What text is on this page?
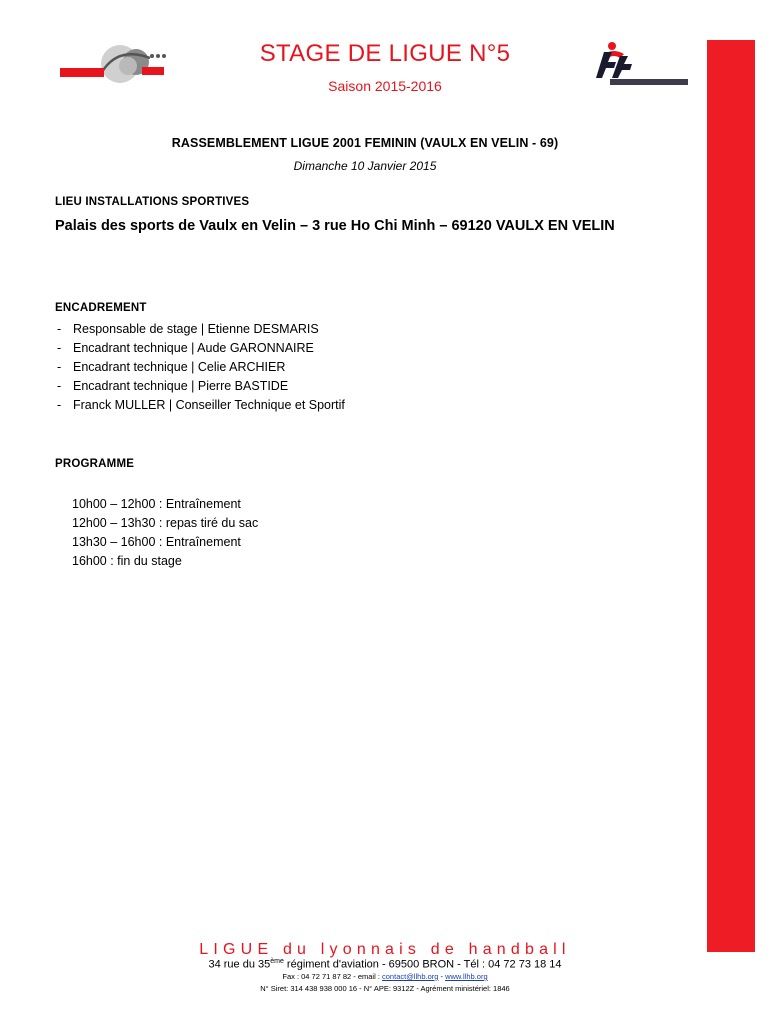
STAGE DE LIGUE N°5
Saison 2015-2016
RASSEMBLEMENT LIGUE 2001 FEMININ (VAULX EN VELIN - 69)
Dimanche 10 Janvier 2015
LIEU INSTALLATIONS SPORTIVES
Palais des sports de Vaulx en Velin – 3 rue Ho Chi Minh – 69120 VAULX EN VELIN
ENCADREMENT
- Responsable de stage | Etienne DESMARIS
- Encadrant technique | Aude GARONNAIRE
- Encadrant technique | Celie ARCHIER
- Encadrant technique | Pierre BASTIDE
- Franck MULLER | Conseiller Technique et Sportif
PROGRAMME
10h00 – 12h00 : Entraînement
12h00 – 13h30 : repas tiré du sac
13h30 – 16h00 : Entraînement
16h00 : fin du stage
LIGUE du lyonnais de handball
34 rue du 35ème régiment d'aviation - 69500 BRON - Tél : 04 72 73 18 14
Fax : 04 72 71 87 82 - email : contact@llhb.org - www.llhb.org
N° Siret: 314 438 938 000 16 - N° APE: 9312Z - Agrément ministériel: 1846
